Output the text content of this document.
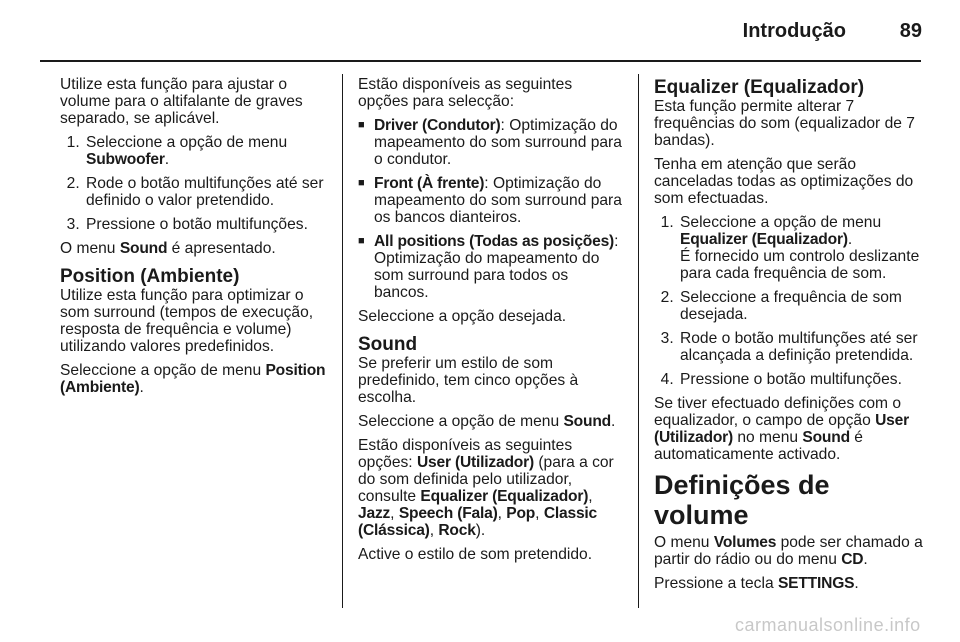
Introdução	89

Utilize esta função para ajustar o volume para o altifalante de graves separado, se aplicável.

1. Seleccione a opção de menu Subwoofer.
2. Rode o botão multifunções até ser definido o valor pretendido.
3. Pressione o botão multifunções.

O menu Sound é apresentado.

Position (Ambiente)

Utilize esta função para optimizar o som surround (tempos de execução, resposta de frequência e volume) utilizando valores predefinidos.

Seleccione a opção de menu Position (Ambiente).

Estão disponíveis as seguintes opções para selecção:

■ Driver (Condutor): Optimização do mapeamento do som surround para o condutor.
■ Front (À frente): Optimização do mapeamento do som surround para os bancos dianteiros.
■ All positions (Todas as posições): Optimização do mapeamento do som surround para todos os bancos.

Seleccione a opção desejada.

Sound

Se preferir um estilo de som predefinido, tem cinco opções à escolha.

Seleccione a opção de menu Sound.

Estão disponíveis as seguintes opções: User (Utilizador) (para a cor do som definida pelo utilizador, consulte Equalizer (Equalizador), Jazz, Speech (Fala), Pop, Classic (Clássica), Rock).

Active o estilo de som pretendido.

Equalizer (Equalizador)

Esta função permite alterar 7 frequências do som (equalizador de 7 bandas).

Tenha em atenção que serão canceladas todas as optimizações do som efectuadas.

1. Seleccione a opção de menu Equalizer (Equalizador).

É fornecido um controlo deslizante para cada frequência de som.

2. Seleccione a frequência de som desejada.
3. Rode o botão multifunções até ser alcançada a definição pretendida.
4. Pressione o botão multifunções.

Se tiver efectuado definições com o equalizador, o campo de opção User (Utilizador) no menu Sound é automaticamente activado.

Definições de volume

O menu Volumes pode ser chamado a partir do rádio ou do menu CD.

Pressione a tecla SETTINGS.

carmanualsonline.info
